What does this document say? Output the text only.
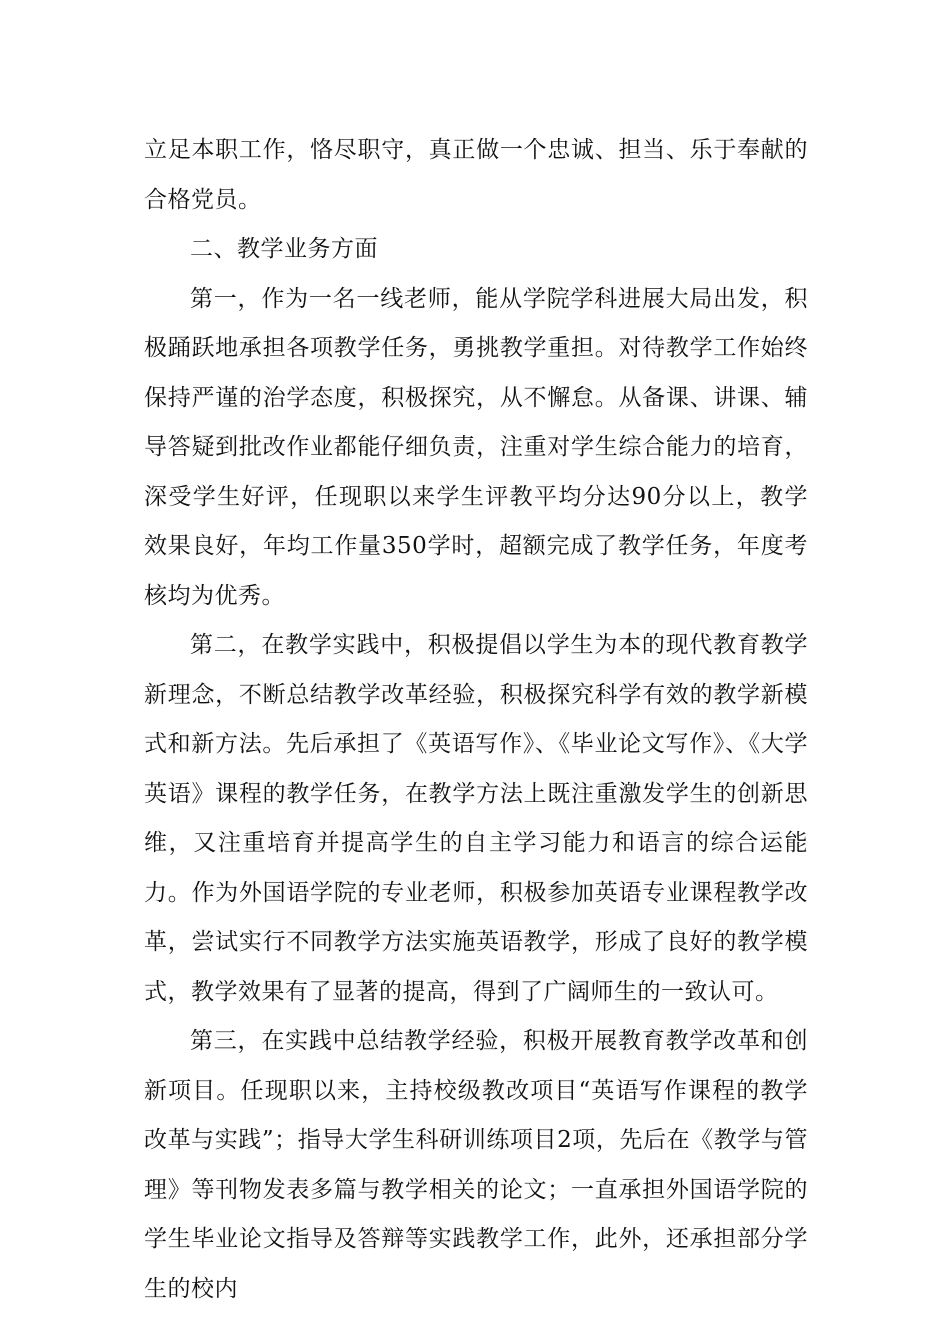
立足本职工作，恪尽职守，真正做一个忠诚、担当、乐于奉献的合格党员。

二、教学业务方面

第一，作为一名一线老师，能从学院学科进展大局出发，积极踊跃地承担各项教学任务，勇挑教学重担。对待教学工作始终保持严谨的治学态度，积极探究，从不懈怠。从备课、讲课、辅导答疑到批改作业都能仔细负责，注重对学生综合能力的培育，深受学生好评，任现职以来学生评教平均分达90分以上，教学效果良好，年均工作量350学时，超额完成了教学任务，年度考核均为优秀。

第二，在教学实践中，积极提倡以学生为本的现代教育教学新理念，不断总结教学改革经验，积极探究科学有效的教学新模式和新方法。先后承担了《英语写作》、《毕业论文写作》、《大学英语》课程的教学任务，在教学方法上既注重激发学生的创新思维，又注重培育并提高学生的自主学习能力和语言的综合运能力。作为外国语学院的专业老师，积极参加英语专业课程教学改革，尝试实行不同教学方法实施英语教学，形成了良好的教学模式，教学效果有了显著的提高，得到了广阔师生的一致认可。

第三，在实践中总结教学经验，积极开展教育教学改革和创新项目。任现职以来，主持校级教改项目“英语写作课程的教学改革与实践”；指导大学生科研训练项目2项，先后在《教学与管理》等刊物发表多篇与教学相关的论文；一直承担外国语学院的学生毕业论文指导及答辩等实践教学工作，此外，还承担部分学生的校内
